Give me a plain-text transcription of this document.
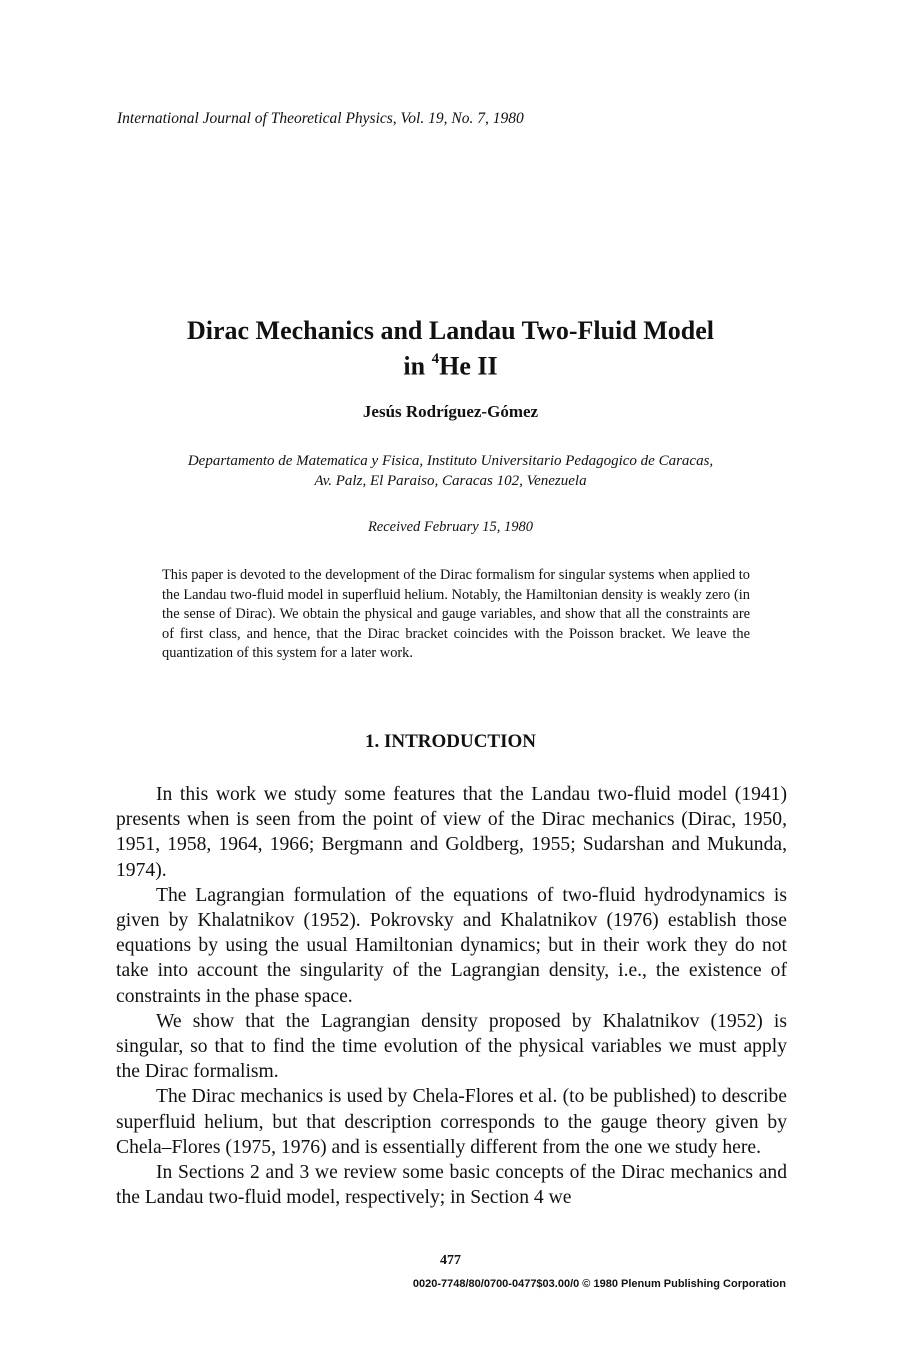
International Journal of Theoretical Physics, Vol. 19, No. 7, 1980
Dirac Mechanics and Landau Two-Fluid Model
in $^4$He II
Jesús Rodríguez-Gómez
Departamento de Matematica y Fisica, Instituto Universitario Pedagogico de Caracas,
Av. Palz, El Paraiso, Caracas 102, Venezuela
Received February 15, 1980

This paper is devoted to the development of the Dirac formalism for singular systems when applied to the Landau two-fluid model in superfluid helium. Notably, the Hamiltonian density is weakly zero (in the sense of Dirac). We obtain the physical and gauge variables, and show that all the constraints are of first class, and hence, that the Dirac bracket coincides with the Poisson bracket. We leave the quantization of this system for a later work.

1. INTRODUCTION

In this work we study some features that the Landau two-fluid model (1941) presents when is seen from the point of view of the Dirac mechanics (Dirac, 1950, 1951, 1958, 1964, 1966; Bergmann and Goldberg, 1955; Sudarshan and Mukunda, 1974).

The Lagrangian formulation of the equations of two-fluid hydrodynamics is given by Khalatnikov (1952). Pokrovsky and Khalatnikov (1976) establish those equations by using the usual Hamiltonian dynamics; but in their work they do not take into account the singularity of the Lagrangian density, i.e., the existence of constraints in the phase space.

We show that the Lagrangian density proposed by Khalatnikov (1952) is singular, so that to find the time evolution of the physical variables we must apply the Dirac formalism.

The Dirac mechanics is used by Chela-Flores et al. (to be published) to describe superfluid helium, but that description corresponds to the gauge theory given by Chela–Flores (1975, 1976) and is essentially different from the one we study here.

In Sections 2 and 3 we review some basic concepts of the Dirac mechanics and the Landau two-fluid model, respectively; in Section 4 we

477
0020-7748/80/0700-0477$03.00/0 © 1980 Plenum Publishing Corporation
